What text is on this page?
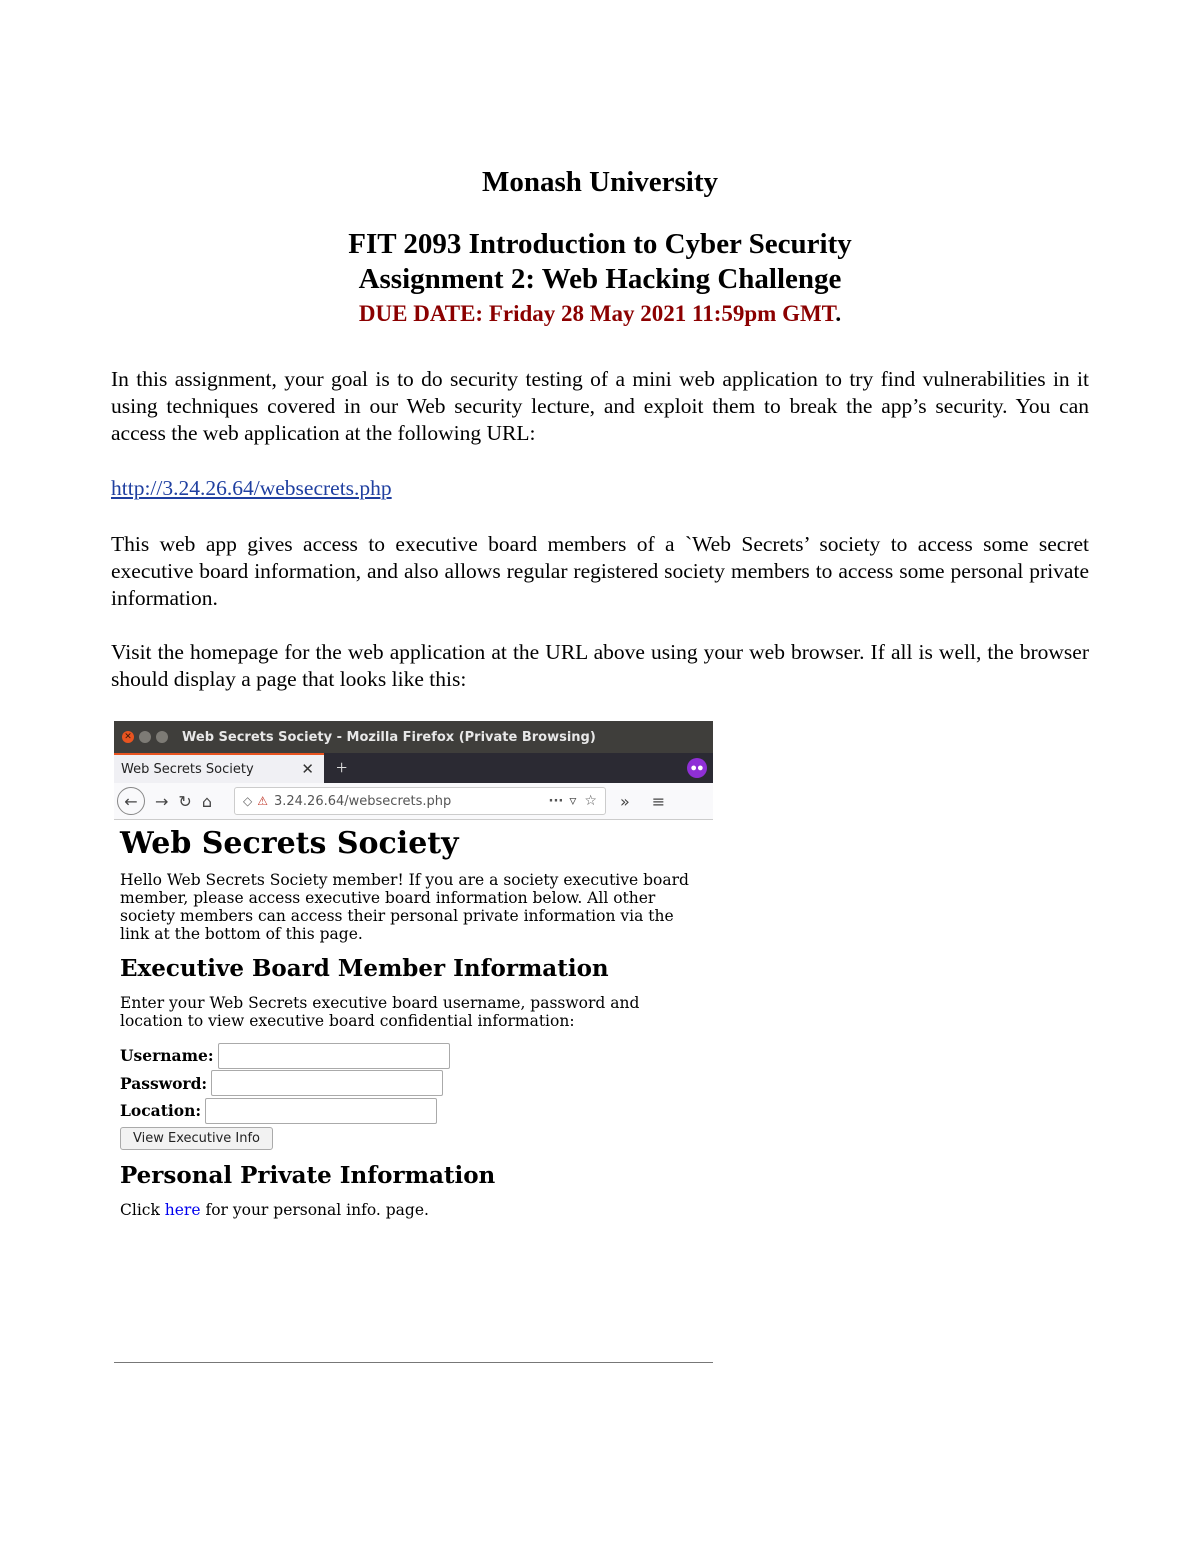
Monash University
FIT 2093 Introduction to Cyber Security
Assignment 2: Web Hacking Challenge
DUE DATE: Friday 28 May 2021 11:59pm GMT.
In this assignment, your goal is to do security testing of a mini web application to try find vulnerabilities in it using techniques covered in our Web security lecture, and exploit them to break the app’s security. You can access the web application at the following URL:
http://3.24.26.64/websecrets.php
This web app gives access to executive board members of a `Web Secrets’ society to access some secret executive board information, and also allows regular registered society members to access some personal private information.
Visit the homepage for the web application at the URL above using your web browser. If all is well, the browser should display a page that looks like this:
✕	Web Secrets Society - Mozilla Firefox (Private Browsing)
Web Secrets Society	✕ +	●●
←	→ ↻ ⌂	◇ ⚠ 3.24.26.64/websecrets.php	··· ▿ ☆ » ≡
Web Secrets Society

Hello Web Secrets Society member! If you are a society executive board member, please access executive board information below. All other society members can access their personal private information via the link at the bottom of this page.

Executive Board Member Information

Enter your Web Secrets executive board username, password and location to view executive board confidential information:

Username:
Password:
Location:
View Executive Info
Personal Private Information

Click here for your personal info. page.
